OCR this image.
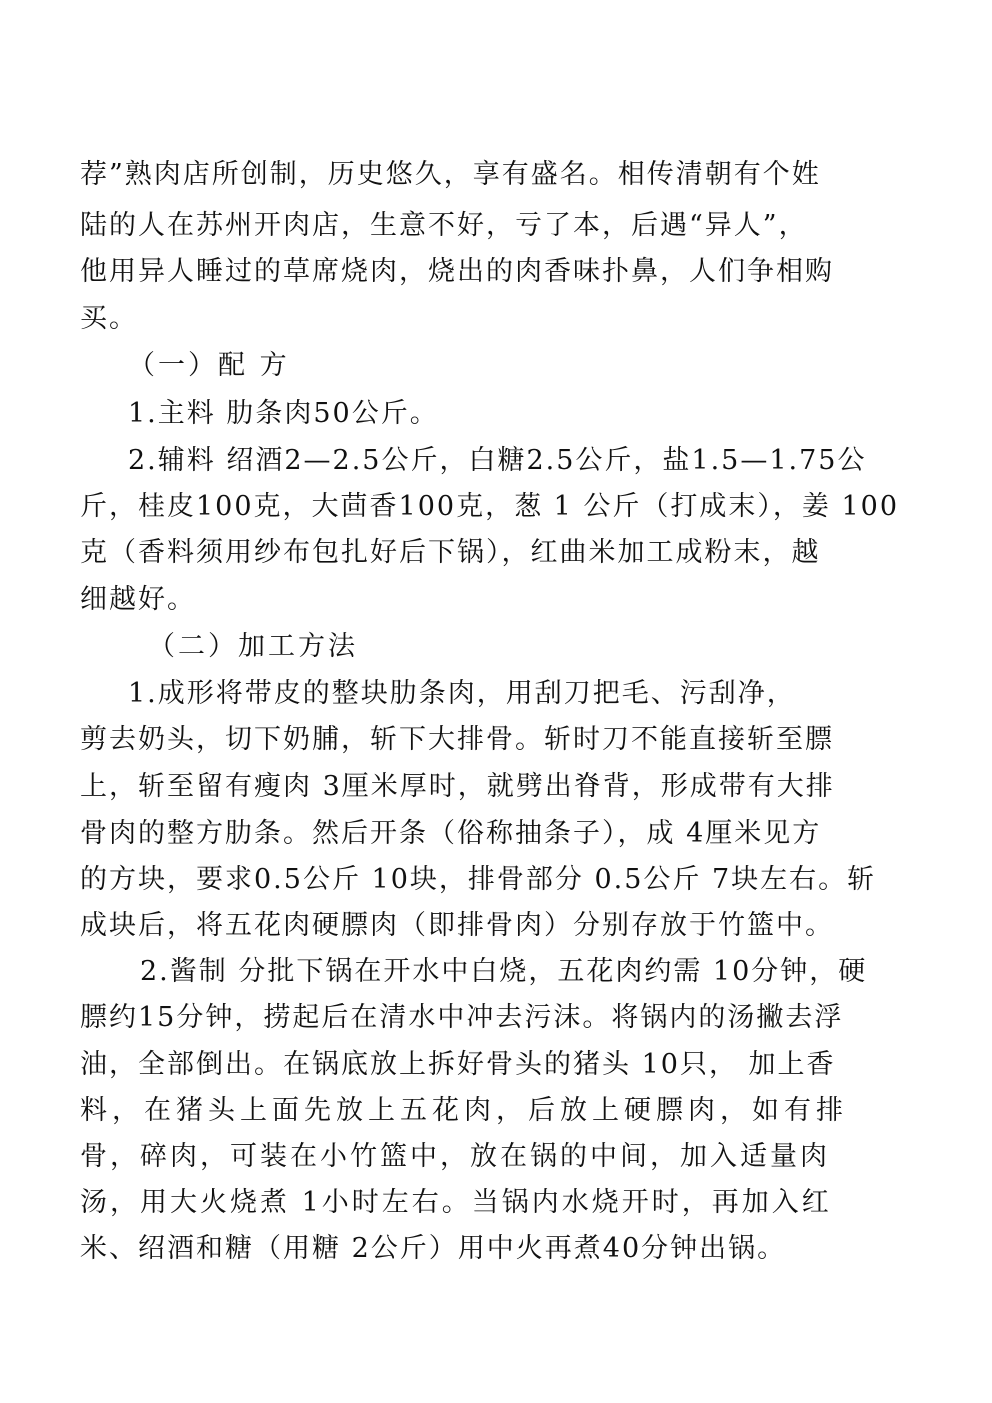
荐”熟肉店所创制，历史悠久，享有盛名。相传清朝有个姓
陆的人在苏州开肉店，生意不好，亏了本，后遇“异人”，
他用异人睡过的草席烧肉，烧出的肉香味扑鼻，人们争相购
买。
（一）配 方
1.主料 肋条肉50公斤。
2.辅料 绍酒2—2.5公斤，白糖2.5公斤，盐1.5—1.75公
斤，桂皮100克，大茴香100克，葱 1 公斤（打成末），姜 100
克（香料须用纱布包扎好后下锅），红曲米加工成粉末，越
细越好。
（二）加工方法
1.成形将带皮的整块肋条肉，用刮刀把毛、污刮净，
剪去奶头，切下奶脯，斩下大排骨。斩时刀不能直接斩至膘
上，斩至留有瘦肉 3厘米厚时，就劈出脊背，形成带有大排
骨肉的整方肋条。然后开条（俗称抽条子），成 4厘米见方
的方块，要求0.5公斤 10块，排骨部分 0.5公斤 7块左右。斩
成块后，将五花肉硬膘肉（即排骨肉）分别存放于竹篮中。
2.酱制 分批下锅在开水中白烧，五花肉约需 10分钟，硬
膘约15分钟，捞起后在清水中冲去污沫。将锅内的汤撇去浮
油，全部倒出。在锅底放上拆好骨头的猪头 10只， 加上香
料，在猪头上面先放上五花肉，后放上硬膘肉，如有排
骨，碎肉，可装在小竹篮中，放在锅的中间，加入适量肉
汤，用大火烧煮 1小时左右。当锅内水烧开时，再加入红
米、绍酒和糖（用糖 2公斤）用中火再煮40分钟出锅。
